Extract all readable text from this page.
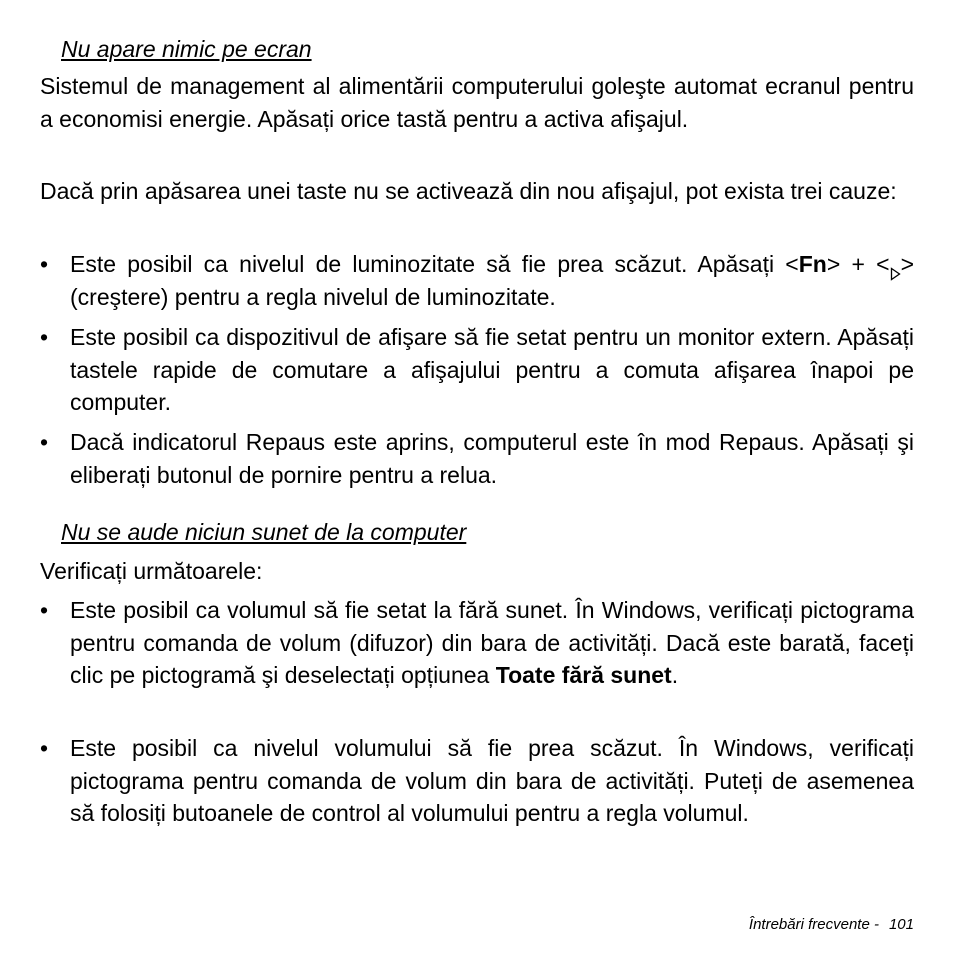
Nu apare nimic pe ecran
Sistemul de management al alimentării computerului goleşte automat ecranul pentru a economisi energie. Apăsați orice tastă pentru a activa afişajul.
Dacă prin apăsarea unei taste nu se activează din nou afişajul, pot exista trei cauze:
• Este posibil ca nivelul de luminozitate să fie prea scăzut. Apăsați <Fn> + < > (creştere) pentru a regla nivelul de luminozitate.
• Este posibil ca dispozitivul de afişare să fie setat pentru un monitor extern. Apăsați tastele rapide de comutare a afişajului pentru a comuta afişarea înapoi pe computer.
• Dacă indicatorul Repaus este aprins, computerul este în mod Repaus. Apăsați şi eliberați butonul de pornire pentru a relua.
Nu se aude niciun sunet de la computer
Verificați următoarele:
• Este posibil ca volumul să fie setat la fără sunet. În Windows, verificați pictograma pentru comanda de volum (difuzor) din bara de activități. Dacă este barată, faceți clic pe pictogramă şi deselectați opțiunea Toate fără sunet.
• Este posibil ca nivelul volumului să fie prea scăzut. În Windows, verificați pictograma pentru comanda de volum din bara de activități. Puteți de asemenea să folosiți butoanele de control al volumului pentru a regla volumul.
Întrebări frecvente - 101
